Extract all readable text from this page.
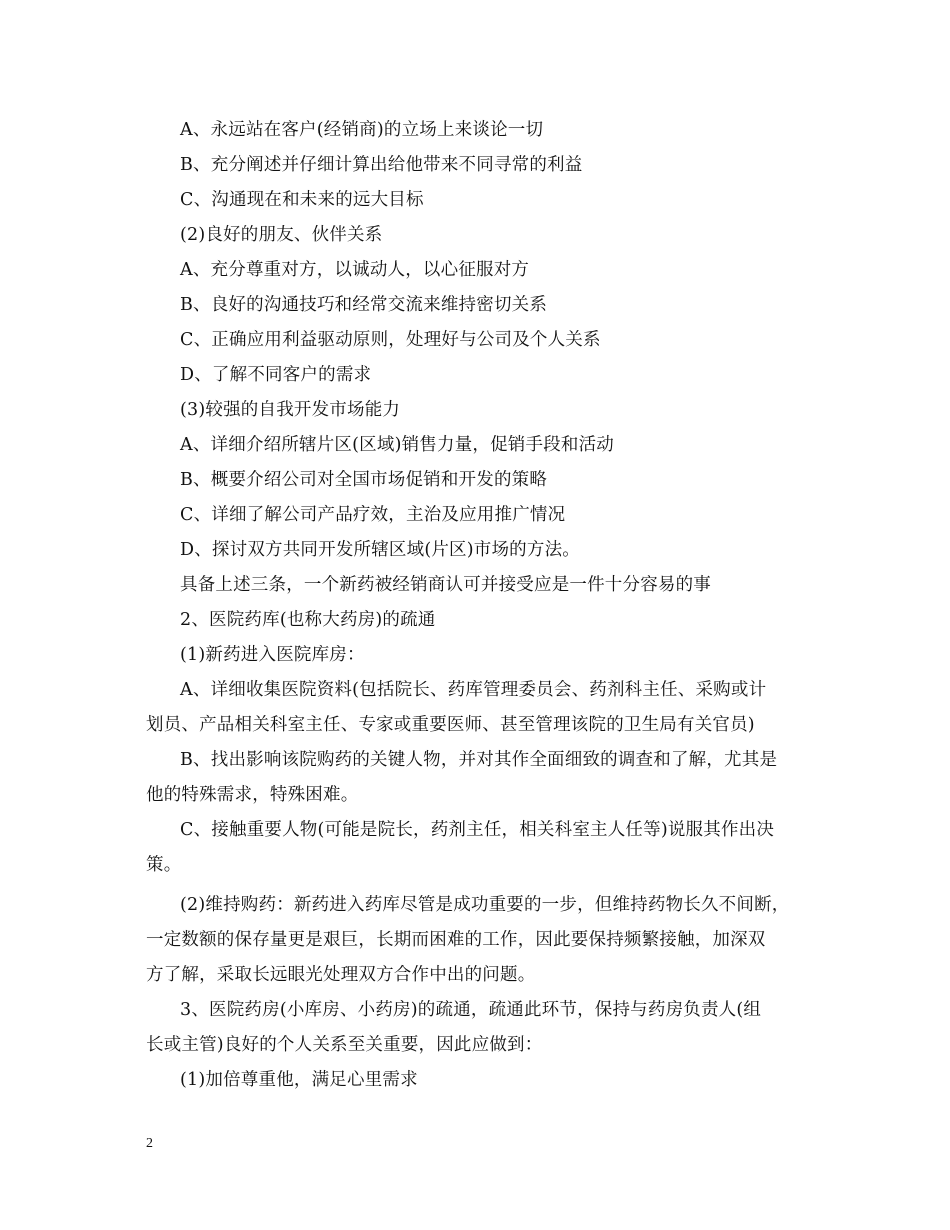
A、永远站在客户(经销商)的立场上来谈论一切
B、充分阐述并仔细计算出给他带来不同寻常的利益
C、沟通现在和未来的远大目标
(2)良好的朋友、伙伴关系
A、充分尊重对方，以诚动人，以心征服对方
B、良好的沟通技巧和经常交流来维持密切关系
C、正确应用利益驱动原则，处理好与公司及个人关系
D、了解不同客户的需求
(3)较强的自我开发市场能力
A、详细介绍所辖片区(区域)销售力量，促销手段和活动
B、概要介绍公司对全国市场促销和开发的策略
C、详细了解公司产品疗效，主治及应用推广情况
D、探讨双方共同开发所辖区域(片区)市场的方法。
具备上述三条，一个新药被经销商认可并接受应是一件十分容易的事
2、医院药库(也称大药房)的疏通
(1)新药进入医院库房：
A、详细收集医院资料(包括院长、药库管理委员会、药剂科主任、采购或计
划员、产品相关科室主任、专家或重要医师、甚至管理该院的卫生局有关官员)
B、找出影响该院购药的关键人物，并对其作全面细致的调查和了解，尤其是
他的特殊需求，特殊困难。
C、接触重要人物(可能是院长，药剂主任，相关科室主人任等)说服其作出决
策。
(2)维持购药：新药进入药库尽管是成功重要的一步，但维持药物长久不间断，
一定数额的保存量更是艰巨，长期而困难的工作，因此要保持频繁接触，加深双
方了解，采取长远眼光处理双方合作中出的问题。
3、医院药房(小库房、小药房)的疏通，疏通此环节，保持与药房负责人(组
长或主管)良好的个人关系至关重要，因此应做到：
(1)加倍尊重他，满足心里需求
2
